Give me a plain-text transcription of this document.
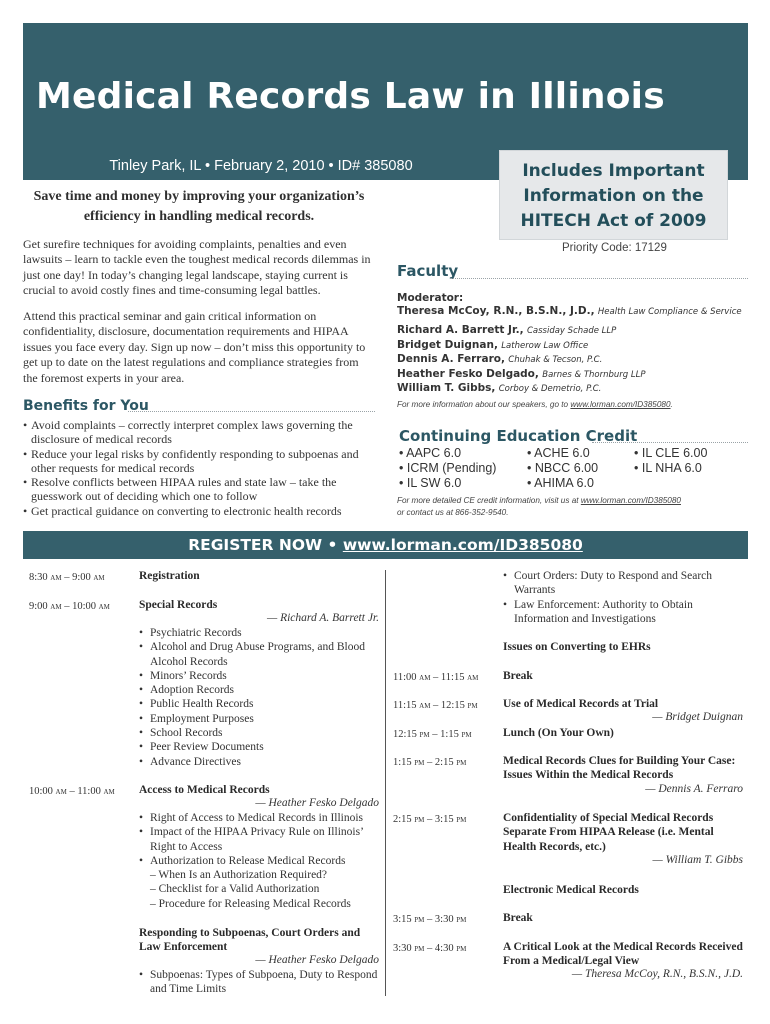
Medical Records Law in Illinois
Tinley Park, IL • February 2, 2010 • ID# 385080	Includes Important
Information on the
HITECH Act of 2009

Save time and money by improving your organization’s efficiency in handling medical records.

Get surefire techniques for avoiding complaints, penalties and even lawsuits – learn to tackle even the toughest medical records dilemmas in just one day! In today’s changing legal landscape, staying current is crucial to avoid costly fines and time-consuming legal battles.

Attend this practical seminar and gain critical information on confidentiality, disclosure, documentation requirements and HIPAA issues you face every day. Sign up now – don’t miss this opportunity to get up to date on the latest regulations and compliance strategies from the foremost experts in your area.

Benefits for You
• Avoid complaints – correctly interpret complex laws governing the disclosure of medical records
• Reduce your legal risks by confidently responding to subpoenas and other requests for medical records
• Resolve conflicts between HIPAA rules and state law – take the guesswork out of deciding which one to follow
• Get practical guidance on converting to electronic health records
Priority Code: 17129
Faculty
Moderator:
Theresa McCoy, R.N., B.S.N., J.D., Health Law Compliance & Service
Richard A. Barrett Jr., Cassiday Schade LLP
Bridget Duignan, Latherow Law Office
Dennis A. Ferraro, Chuhak & Tecson, P.C.
Heather Fesko Delgado, Barnes & Thornburg LLP
William T. Gibbs, Corboy & Demetrio, P.C.
For more information about our speakers, go to www.lorman.com/ID385080.
Continuing Education Credit
• AAPC 6.0
• ICRM (Pending)
• IL SW 6.0
• ACHE 6.0
• NBCC 6.00
• AHIMA 6.0
• IL CLE 6.00
• IL NHA 6.0
For more detailed CE credit information, visit us at www.lorman.com/ID385080
or contact us at 866-352-9540.
REGISTER NOW • www.lorman.com/ID385080
8:30 am – 9:00 am	Registration
9:00 am – 10:00 am	Special Records
— Richard A. Barrett Jr.
• Psychiatric Records
• Alcohol and Drug Abuse Programs, and Blood Alcohol Records
• Minors’ Records
• Adoption Records
• Public Health Records
• Employment Purposes
• School Records
• Peer Review Documents
• Advance Directives
10:00 am – 11:00 am Access to Medical Records
— Heather Fesko Delgado
• Right of Access to Medical Records in Illinois
• Impact of the HIPAA Privacy Rule on Illinois’ Right to Access
• Authorization to Release Medical Records
– When Is an Authorization Required?
– Checklist for a Valid Authorization
– Procedure for Releasing Medical Records
Responding to Subpoenas, Court Orders and Law Enforcement
— Heather Fesko Delgado
• Subpoenas: Types of Subpoena, Duty to Respond and Time Limits
• Court Orders: Duty to Respond and Search Warrants
• Law Enforcement: Authority to Obtain Information and Investigations
Issues on Converting to EHRs
11:00 am – 11:15 am Break
11:15 am – 12:15 pm Use of Medical Records at Trial
— Bridget Duignan
12:15 pm – 1:15 pm	Lunch (On Your Own)
1:15 pm – 2:15 pm	Medical Records Clues for Building Your Case: Issues Within the Medical Records
— Dennis A. Ferraro
2:15 pm – 3:15 pm	Confidentiality of Special Medical Records Separate From HIPAA Release (i.e. Mental Health Records, etc.)
— William T. Gibbs
Electronic Medical Records
3:15 pm – 3:30 pm	Break
3:30 pm – 4:30 pm	A Critical Look at the Medical Records Received From a Medical/Legal View
— Theresa McCoy, R.N., B.S.N., J.D.
